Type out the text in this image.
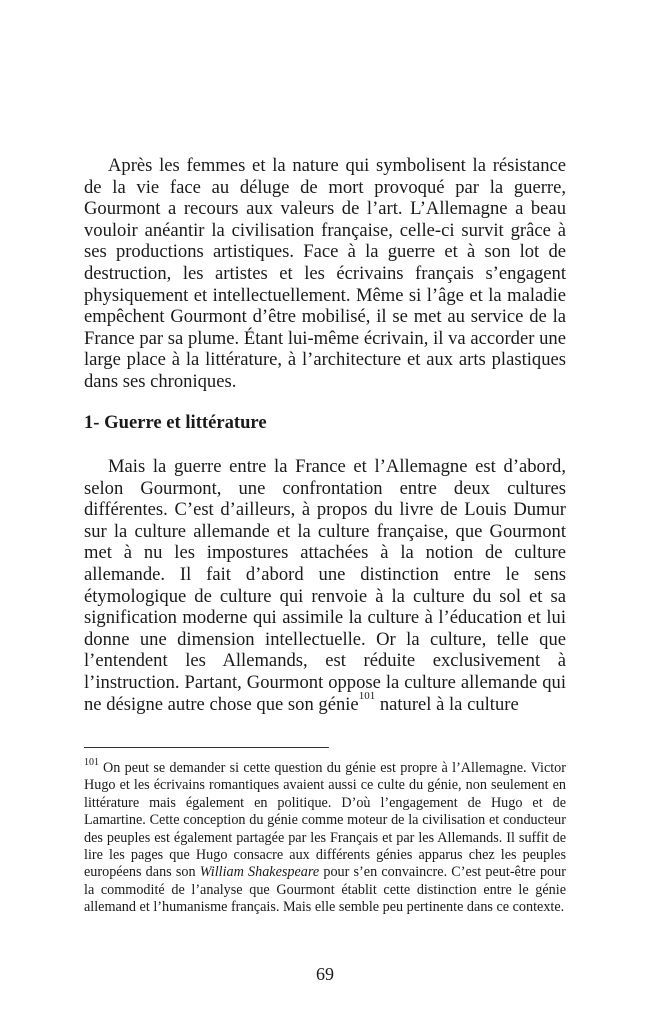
Après les femmes et la nature qui symbolisent la résistance de la vie face au déluge de mort provoqué par la guerre, Gourmont a recours aux valeurs de l’art. L’Allemagne a beau vouloir anéantir la civilisation française, celle-ci survit grâce à ses productions artistiques. Face à la guerre et à son lot de destruction, les artistes et les écrivains français s’engagent physiquement et intellectuellement. Même si l’âge et la maladie empêchent Gourmont d’être mobilisé, il se met au service de la France par sa plume. Étant lui-même écrivain, il va accorder une large place à la littérature, à l’architecture et aux arts plastiques dans ses chroniques.

1- Guerre et littérature

Mais la guerre entre la France et l’Allemagne est d’abord, selon Gourmont, une confrontation entre deux cultures différentes. C’est d’ailleurs, à propos du livre de Louis Dumur sur la culture allemande et la culture française, que Gourmont met à nu les impostures attachées à la notion de culture allemande. Il fait d’abord une distinction entre le sens étymologique de culture qui renvoie à la culture du sol et sa signification moderne qui assimile la culture à l’éducation et lui donne une dimension intellectuelle. Or la culture, telle que l’entendent les Allemands, est réduite exclusivement à l’instruction. Partant, Gourmont oppose la culture allemande qui ne désigne autre chose que son génie$^{101}$ naturel à la culture

$^{101}$ On peut se demander si cette question du génie est propre à l’Allemagne. Victor Hugo et les écrivains romantiques avaient aussi ce culte du génie, non seulement en littérature mais également en politique. D’où l’engagement de Hugo et de Lamartine. Cette conception du génie comme moteur de la civilisation et conducteur des peuples est également partagée par les Français et par les Allemands. Il suffit de lire les pages que Hugo consacre aux différents génies apparus chez les peuples européens dans son William Shakespeare pour s’en convaincre. C’est peut-être pour la commodité de l’analyse que Gourmont établit cette distinction entre le génie allemand et l’humanisme français. Mais elle semble peu pertinente dans ce contexte.

69
